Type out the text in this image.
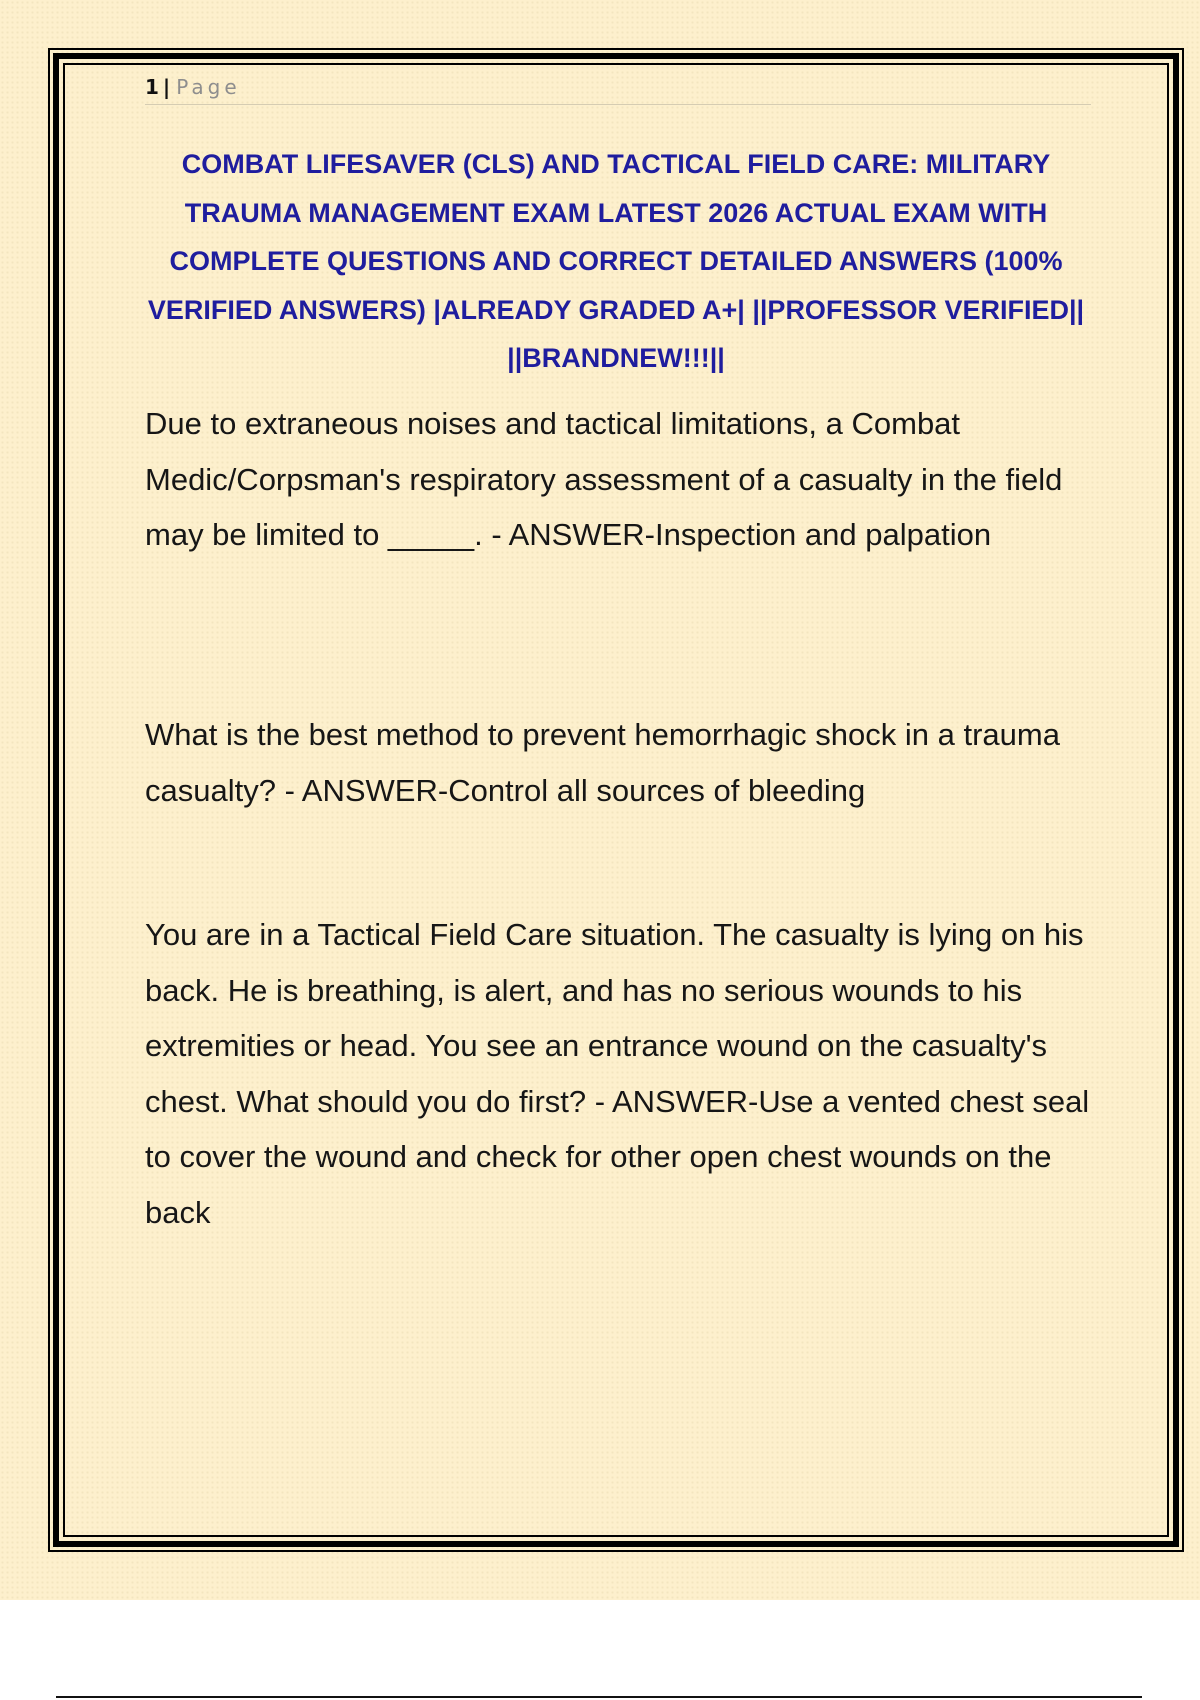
1 | Page
COMBAT LIFESAVER (CLS) AND TACTICAL FIELD CARE: MILITARY TRAUMA MANAGEMENT EXAM LATEST 2026 ACTUAL EXAM WITH COMPLETE QUESTIONS AND CORRECT DETAILED ANSWERS (100% VERIFIED ANSWERS) |ALREADY GRADED A+| ||PROFESSOR VERIFIED|| ||BRANDNEW!!!||

Due to extraneous noises and tactical limitations, a Combat Medic/Corpsman's respiratory assessment of a casualty in the field may be limited to _____. - ANSWER-Inspection and palpation

What is the best method to prevent hemorrhagic shock in a trauma casualty? - ANSWER-Control all sources of bleeding

You are in a Tactical Field Care situation. The casualty is lying on his back. He is breathing, is alert, and has no serious wounds to his extremities or head. You see an entrance wound on the casualty's chest. What should you do first? - ANSWER-Use a vented chest seal to cover the wound and check for other open chest wounds on the back
